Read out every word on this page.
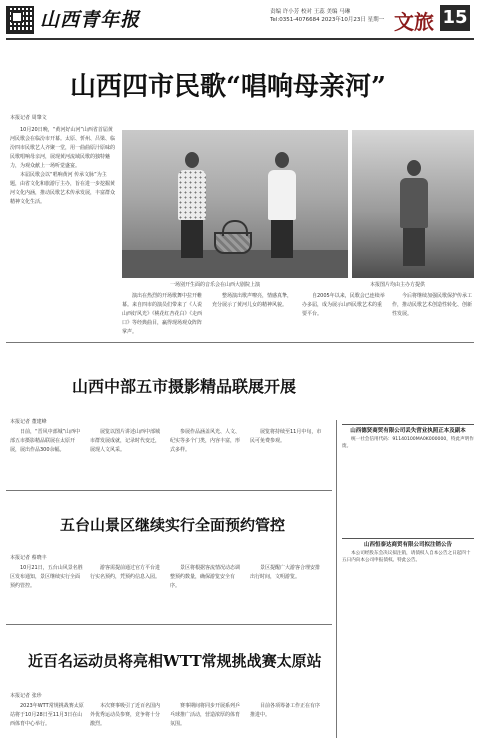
山西青年报	责编 许小芳 校对 王蕊 美编 马琳
Tel:0351-4076684 2023年10月23日 星期一 文旅 15
山西四市民歌“唱响母亲河”
本报记者 周肇文

10月20日晚，“黄河好山河”山西省首届黄河民歌会在临汾市开幕。太原、忻州、吕梁、临汾四市民歌艺人齐聚一堂，用一曲曲原汁原味的民歌唱响母亲河，展现黄河流域民歌的独特魅力，为观众献上一场听觉盛宴。

本届民歌会以“唱响黄河 传承文脉”为主题，由省文化和旅游厅主办，旨在进一步挖掘黄河文化内涵，推动民歌艺术传承发展，丰富群众精神文化生活。

一场别开生面的音乐会在山西大剧院上演	本报图片均由主办方提供

演出在热烈的开场歌舞中拉开帷幕。来自四市的演员们带来了《人说山西好风光》《桃花红杏花白》《走西口》等经典曲目，赢得现场观众阵阵掌声。

整场演出歌声嘹亮，情感真挚，充分展示了黄河儿女的精神风貌。

自2005年以来，民歌会已连续举办多届，成为展示山西民歌艺术的重要平台。

今后将继续加强民歌保护传承工作，推动民歌艺术创造性转化、创新性发展。

山西中部五市摄影精品联展开展
本报记者 董建峰

日前，“晋风中部城”山西中部五市摄影精品联展在太原开展，展出作品300余幅。

展览以图片讲述山西中部城市群发展成就，记录时代变迁，展现人文风采。

参展作品涵盖风光、人文、纪实等多个门类，内容丰富，形式多样。

展览将持续至11月中旬，市民可免费参观。

五台山景区继续实行全面预约管控
本报记者 蔡晓丰

10月21日，五台山风景名胜区发布通知，景区继续实行全面预约管控。

游客需提前通过官方平台进行实名预约，凭预约信息入园。

景区将根据客流情况动态调整预约数量，确保游览安全有序。

景区提醒广大游客合理安排出行时间，文明游览。

近百名运动员将亮相WTT常规挑战赛太原站
本报记者 张珍

2023年WTT常规挑战赛太原站将于10月28日至11月3日在山西体育中心举行。

本次赛事吸引了近百名国内外优秀运动员参赛，竞争将十分激烈。

赛事期间将同步开展系列乒乓球推广活动，营造浓厚的体育氛围。

目前各项筹备工作正在有序推进中。

山西德贤商贸有限公司丢失营业执照正本及副本
统一社会信用代码：91140100MA0K000000，特此声明作废。
山西恒泰达商贸有限公司拟注销公告
本公司经股东会决议拟注销，请债权人自本公告之日起四十五日内向本公司申报债权。特此公告。
